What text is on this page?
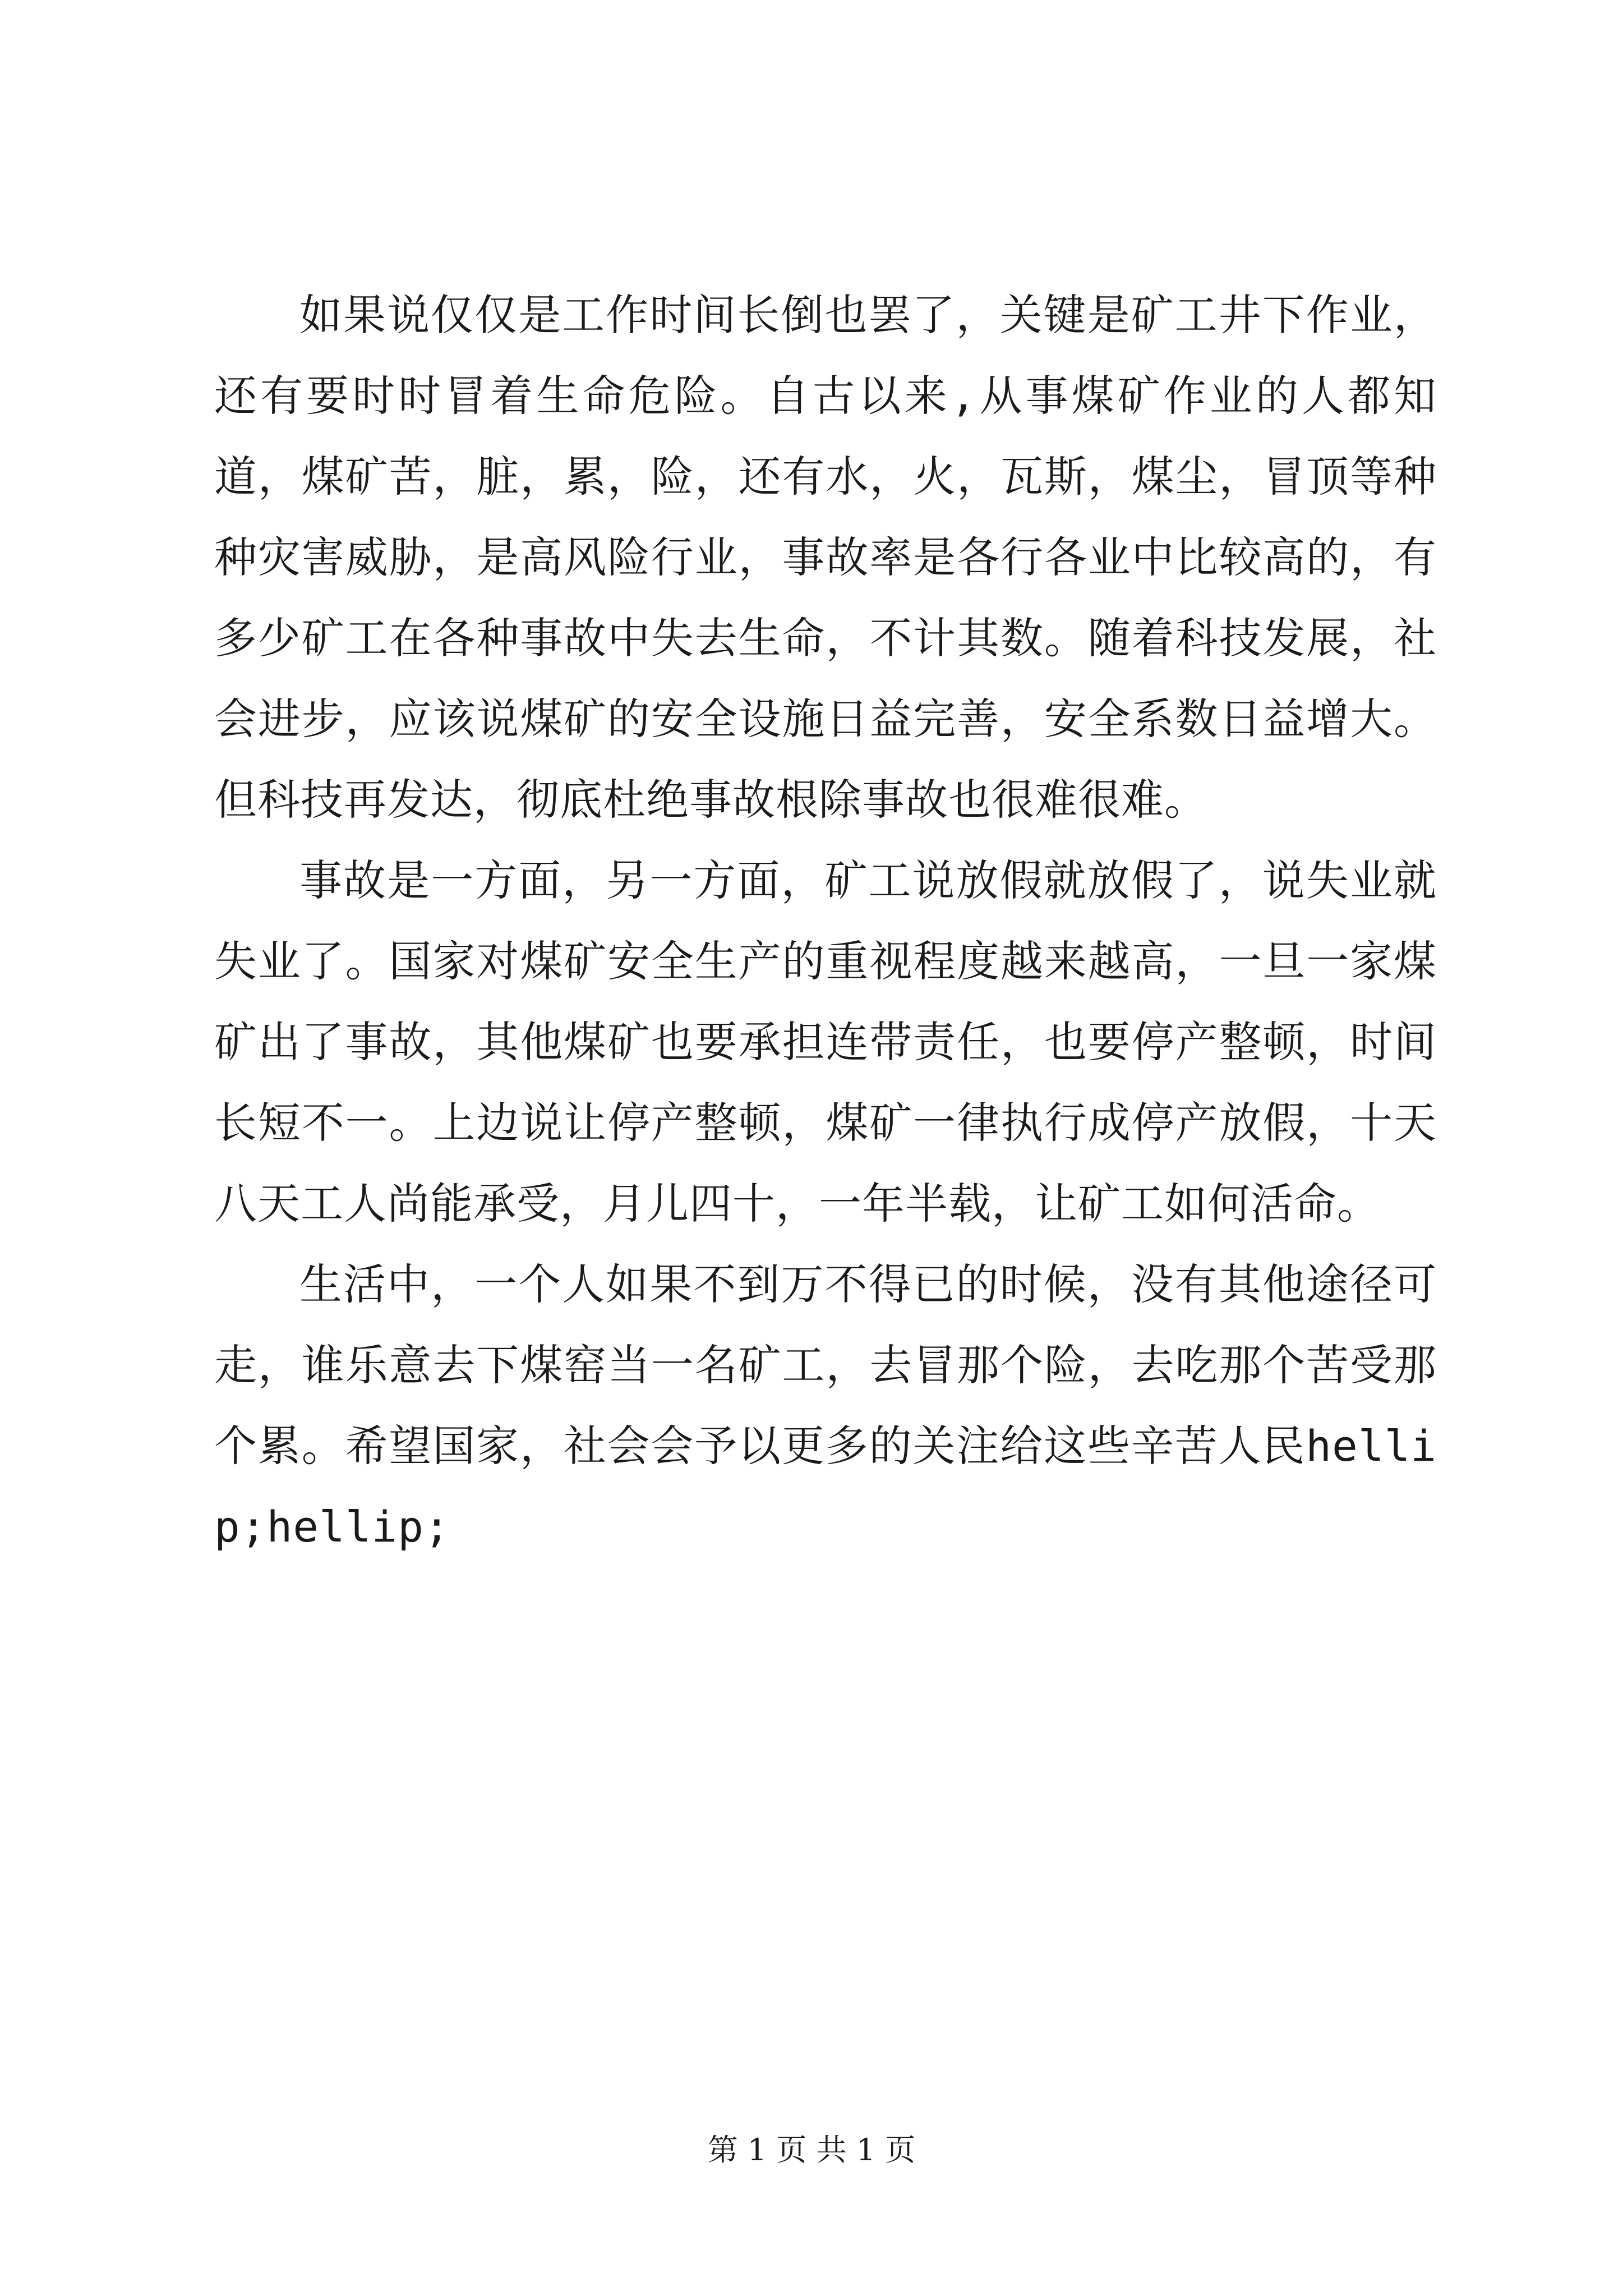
如果说仅仅是工作时间长倒也罢了，关键是矿工井下作业，还有要时时冒着生命危险。自古以来,从事煤矿作业的人都知道，煤矿苦，脏，累，险，还有水，火，瓦斯，煤尘，冒顶等种种灾害威胁，是高风险行业，事故率是各行各业中比较高的，有多少矿工在各种事故中失去生命，不计其数。随着科技发展，社会进步，应该说煤矿的安全设施日益完善，安全系数日益增大。但科技再发达，彻底杜绝事故根除事故也很难很难。

事故是一方面，另一方面，矿工说放假就放假了，说失业就失业了。国家对煤矿安全生产的重视程度越来越高，一旦一家煤矿出了事故，其他煤矿也要承担连带责任，也要停产整顿，时间长短不一。上边说让停产整顿，煤矿一律执行成停产放假，十天八天工人尚能承受，月儿四十，一年半载，让矿工如何活命。

生活中，一个人如果不到万不得已的时候，没有其他途径可走，谁乐意去下煤窑当一名矿工，去冒那个险，去吃那个苦受那个累。希望国家，社会会予以更多的关注给这些辛苦人民hellip;hellip;

第 1 页 共 1 页
